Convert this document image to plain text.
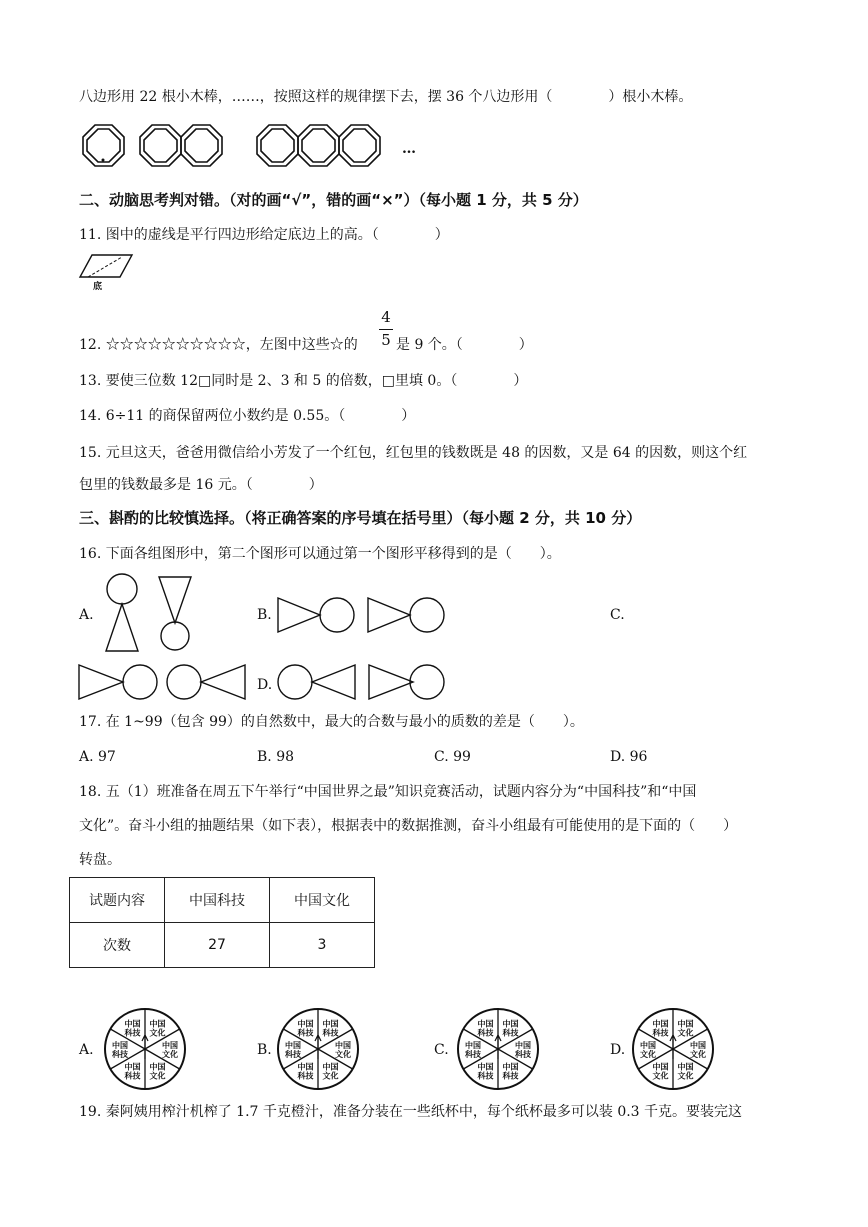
八边形用 22 根小木棒，……，按照这样的规律摆下去，摆 36 个八边形用（　　　　）根小木棒。
…
二、动脑思考判对错。（对的画“√”，错的画“×”）（每小题 1 分，共 5 分）
11. 图中的虚线是平行四边形给定底边上的高。（　　　　）
底
12. ☆☆☆☆☆☆☆☆☆☆，左图中这些☆的
4
5 是 9 个。（　　　　）
13. 要使三位数 12□同时是 2、3 和 5 的倍数，□里填 0。（　　　　）
14. 6÷11 的商保留两位小数约是 0.55。（　　　　）
15. 元旦这天，爸爸用微信给小芳发了一个红包，红包里的钱数既是 48 的因数，又是 64 的因数，则这个红
包里的钱数最多是 16 元。（　　　　）
三、斟酌的比较慎选择。（将正确答案的序号填在括号里）（每小题 2 分，共 10 分）
16. 下面各组图形中，第二个图形可以通过第一个图形平移得到的是（　　）。
A.	B.	C.
D.
17. 在 1~99（包含 99）的自然数中，最大的合数与最小的质数的差是（　　）。
A. 97	B. 98	C. 99	D. 96
18. 五（1）班准备在周五下午举行“中国世界之最”知识竞赛活动，试题内容分为“中国科技”和“中国
文化”。奋斗小组的抽题结果（如下表），根据表中的数据推测，奋斗小组最有可能使用的是下面的（　　）
转盘。
试题内容	中国科技	中国文化
次数	27	3
A.	B.	C.	D.
中国
文化
中国
文化
中国
文化
中国
科技
中国
科技
中国
科技
中国
科技
中国
文化
中国
文化
中国
科技
中国
科技
中国
科技
中国
科技
中国
科技
中国
科技
中国
科技
中国
科技
中国
科技
中国
文化
中国
文化
中国
文化
中国
文化
中国
文化
中国
科技
19. 秦阿姨用榨汁机榨了 1.7 千克橙汁，准备分装在一些纸杯中，每个纸杯最多可以装 0.3 千克。要装完这
